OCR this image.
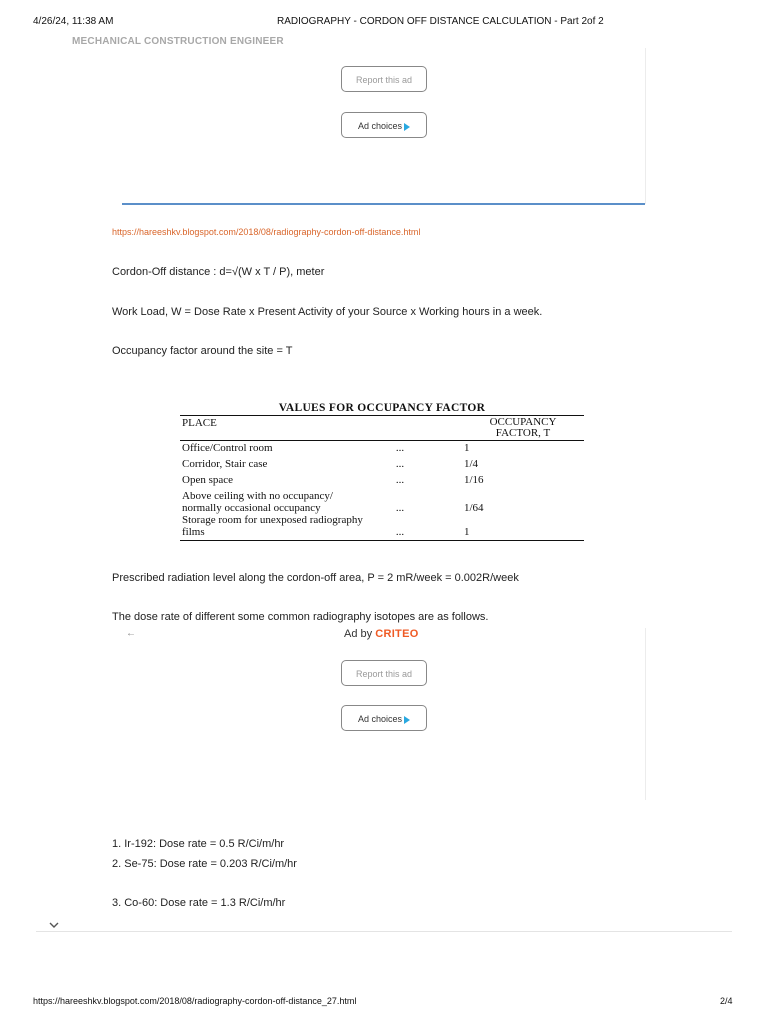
4/26/24, 11:38 AM	RADIOGRAPHY - CORDON OFF DISTANCE CALCULATION - Part 2of 2
MECHANICAL CONSTRUCTION ENGINEER
Report this ad
Ad choices
https://hareeshkv.blogspot.com/2018/08/radiography-cordon-off-distance.html
Cordon-Off distance : d=√(W x T / P), meter
Work Load, W = Dose Rate x Present Activity of your Source x Working hours in a week.
Occupancy factor around the site = T
VALUES FOR OCCUPANCY FACTOR
PLACE		OCCUPANCY
FACTOR, T
Office/Control room	...	1
Corridor, Stair case	...	1/4
Open space	...	1/16

Above ceiling with no occupancy/
normally occasional occupancy	...	1/64
Storage room for unexposed radiography films	...	1
Prescribed radiation level along the cordon-off area, P = 2 mR/week = 0.002R/week
The dose rate of different some common radiography isotopes are as follows.
←	Ad by CRITEO
Report this ad
Ad choices
1. Ir-192: Dose rate = 0.5 R/Ci/m/hr
2. Se-75: Dose rate = 0.203 R/Ci/m/hr
3. Co-60: Dose rate = 1.3 R/Ci/m/hr
https://hareeshkv.blogspot.com/2018/08/radiography-cordon-off-distance_27.html	2/4
